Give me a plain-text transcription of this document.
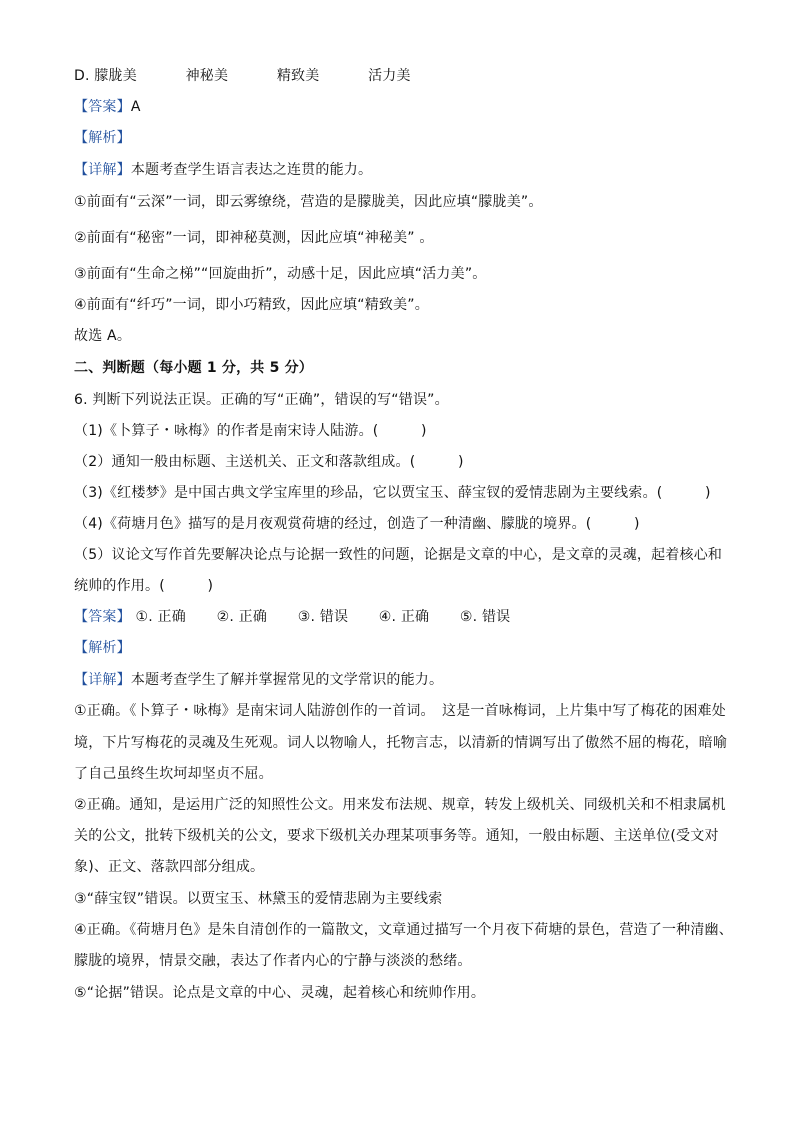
D. 朦胧美	神秘美	精致美	活力美
【答案】A
【解析】
【详解】本题考查学生语言表达之连贯的能力。
①前面有“云深”一词，即云雾缭绕，营造的是朦胧美，因此应填“朦胧美”。
②前面有“秘密”一词，即神秘莫测，因此应填“神秘美” 。
③前面有“生命之梯”“回旋曲折”，动感十足，因此应填“活力美”。
④前面有“纤巧”一词，即小巧精致，因此应填“精致美”。
故选 A。
二、判断题（每小题 1 分，共 5 分）
6. 判断下列说法正误。正确的写“正确”，错误的写“错误”。
（1)《卜算子・咏梅》的作者是南宋诗人陆游。(　　　)
（2）通知一般由标题、主送机关、正文和落款组成。(　　　)
（3)《红楼梦》是中国古典文学宝库里的珍品，它以贾宝玉、薛宝钗的爱情悲剧为主要线索。(　　　)
（4)《荷塘月色》描写的是月夜观赏荷塘的经过，创造了一种清幽、朦胧的境界。(　　　)
（5）议论文写作首先要解决论点与论据一致性的问题，论据是文章的中心，是文章的灵魂，起着核心和
统帅的作用。(　　　)
【答案】 ①. 正确 ②. 正确 ③. 错误 ④. 正确 ⑤. 错误
【解析】
【详解】本题考查学生了解并掌握常见的文学常识的能力。
①正确。《卜算子・咏梅》是南宋词人陆游创作的一首词。　这是一首咏梅词，上片集中写了梅花的困难处
境，下片写梅花的灵魂及生死观。词人以物喻人，托物言志，以清新的情调写出了傲然不屈的梅花，暗喻
了自己虽终生坎坷却坚贞不屈。
②正确。通知，是运用广泛的知照性公文。用来发布法规、规章，转发上级机关、同级机关和不相隶属机
关的公文，批转下级机关的公文，要求下级机关办理某项事务等。通知，一般由标题、主送单位(受文对
象)、正文、落款四部分组成。
③“薛宝钗”错误。以贾宝玉、林黛玉的爱情悲剧为主要线索
④正确。《荷塘月色》是朱自清创作的一篇散文，文章通过描写一个月夜下荷塘的景色，营造了一种清幽、
朦胧的境界，情景交融，表达了作者内心的宁静与淡淡的愁绪。
⑤“论据”错误。论点是文章的中心、灵魂，起着核心和统帅作用。
